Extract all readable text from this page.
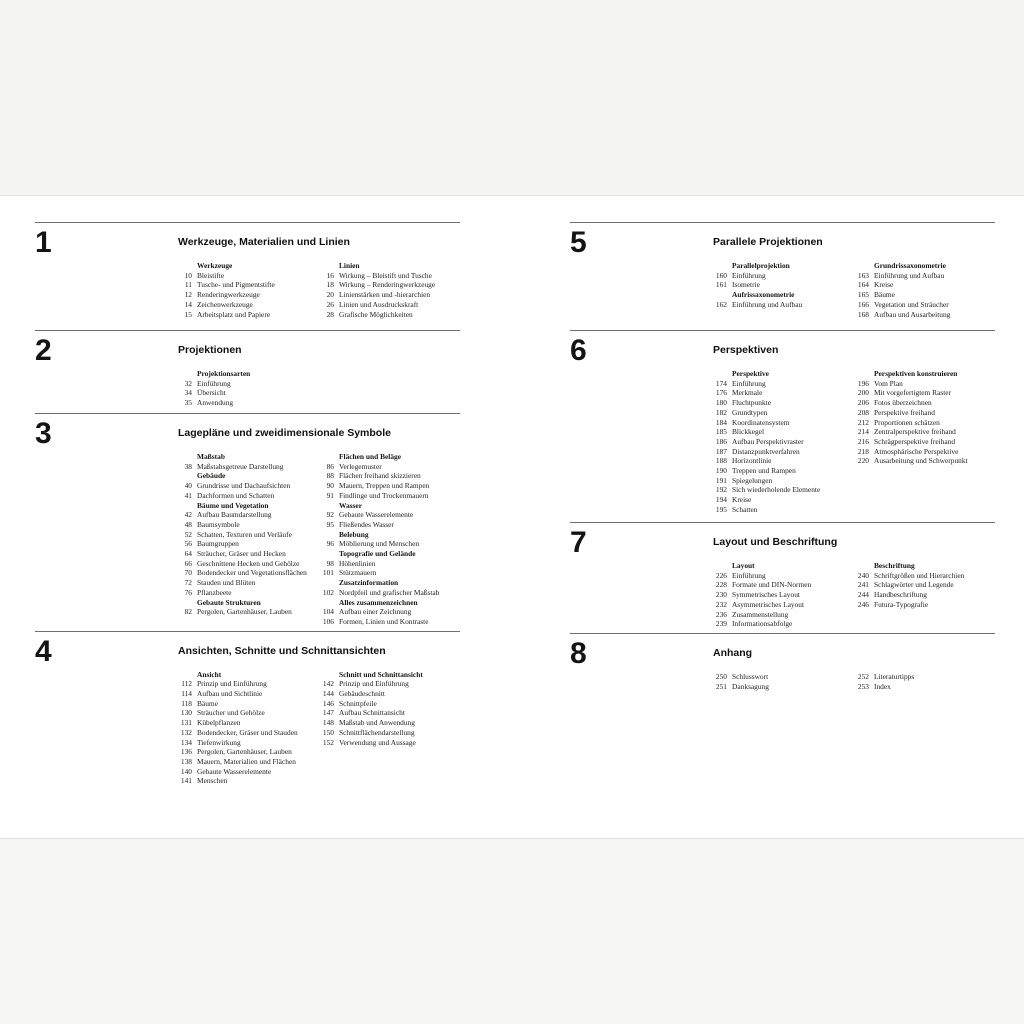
1	Werkzeuge, Materialien und Linien
Werkzeuge
10 Bleistifte
11 Tusche- und Pigmentstifte
12 Renderingwerkzeuge
14 Zeichenwerkzeuge
15 Arbeitsplatz und Papiere
Linien
16 Wirkung – Bleistift und Tusche
18 Wirkung – Renderingwerkzeuge
20 Linienstärken und -hierarchien
26 Linien und Ausdruckskraft
28 Grafische Möglichkeiten
2	Projektionen
Projektionsarten
32 Einführung
34 Übersicht
35 Anwendung
3	Lagepläne und zweidimensionale Symbole
Maßstab
38 Maßstabsgetreue Darstellung
Gebäude
40 Grundrisse und Dachaufsichten
41 Dachformen und Schatten
Bäume und Vegetation
42 Aufbau Baumdarstellung
48 Baumsymbole
52 Schatten, Texturen und Verläufe
56 Baumgruppen
64 Sträucher, Gräser und Hecken
66 Geschnittene Hecken und Gehölze
70 Bodendecker und Vegetationsflächen
72 Stauden und Blüten
76 Pflanzbeete
Gebaute Strukturen
82 Pergolen, Gartenhäuser, Lauben
Flächen und Beläge
86 Verlegemuster
88 Flächen freihand skizzieren
90 Mauern, Treppen und Rampen
91 Findlinge und Trockenmauern
Wasser
92 Gebaute Wasserelemente
95 Fließendes Wasser
Belebung
96 Möblierung und Menschen
Topografie und Gelände
98 Höhenlinien
101 Stützmauern
Zusatzinformation
102 Nordpfeil und grafischer Maßstab
Alles zusammenzeichnen
104 Aufbau einer Zeichnung
106 Formen, Linien und Kontraste
4	Ansichten, Schnitte und Schnittansichten
Ansicht
112 Prinzip und Einführung
114 Aufbau und Sichtlinie
118 Bäume
130 Sträucher und Gehölze
131 Kübelpflanzen
132 Bodendecker, Gräser und Stauden
134 Tiefenwirkung
136 Pergolen, Gartenhäuser, Lauben
138 Mauern, Materialien und Flächen
140 Gebaute Wasserelemente
141 Menschen
Schnitt und Schnittansicht
142 Prinzip und Einführung
144 Gebäudeschnitt
146 Schnittpfeile
147 Aufbau Schnittansicht
148 Maßstab und Anwendung
150 Schnittflächendarstellung
152 Verwendung und Aussage
5	Parallele Projektionen
Parallelprojektion
160 Einführung
161 Isometrie
Aufrissaxonometrie
162 Einführung und Aufbau
Grundrissaxonometrie
163 Einführung und Aufbau
164 Kreise
165 Bäume
166 Vegetation und Sträucher
168 Aufbau und Ausarbeitung
6	Perspektiven
Perspektive
174 Einführung
176 Merkmale
180 Fluchtpunkte
182 Grundtypen
184 Koordinatensystem
185 Blickkegel
186 Aufbau Perspektivraster
187 Distanzpunktverfahren
188 Horizontlinie
190 Treppen und Rampen
191 Spiegelungen
192 Sich wiederholende Elemente
194 Kreise
195 Schatten
Perspektiven konstruieren
196 Vom Plan
200 Mit vorgefertigtem Raster
206 Fotos überzeichnen
208 Perspektive freihand
212 Proportionen schätzen
214 Zentralperspektive freihand
216 Schrägperspektive freihand
218 Atmosphärische Perspektive
220 Ausarbeitung und Schwerpunkt
7	Layout und Beschriftung
Layout
226 Einführung
228 Formate und DIN-Normen
230 Symmetrisches Layout
232 Asymmetrisches Layout
236 Zusammenstellung
239 Informationsabfolge
Beschriftung
240 Schriftgrößen und Hierarchien
241 Schlagwörter und Legende
244 Handbeschriftung
246 Futura-Typografie
8	Anhang
250 Schlusswort
251 Danksagung
252 Literaturtipps
253 Index
